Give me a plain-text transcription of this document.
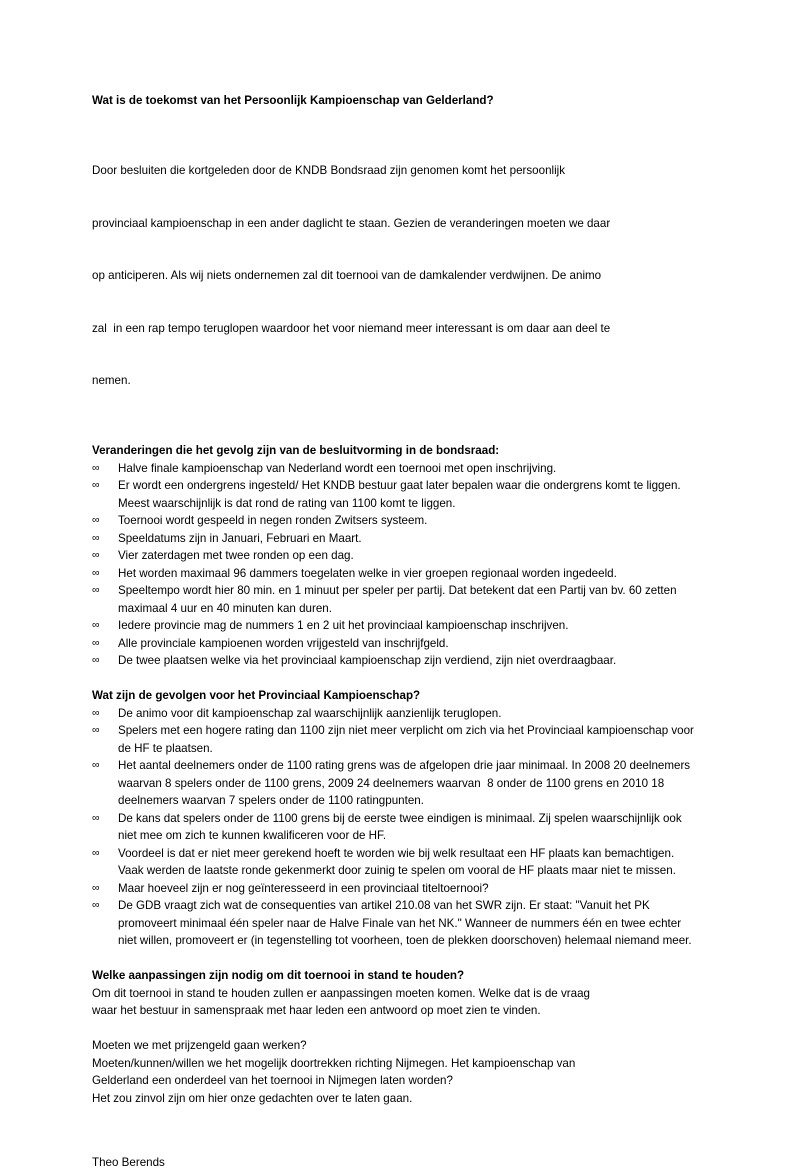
Wat is de toekomst van het Persoonlijk Kampioenschap van Gelderland?

Door besluiten die kortgeleden door de KNDB Bondsraad zijn genomen komt het persoonlijk

provinciaal kampioenschap in een ander daglicht te staan. Gezien de veranderingen moeten we daar

op anticiperen. Als wij niets ondernemen zal dit toernooi van de damkalender verdwijnen. De animo

zal  in een rap tempo teruglopen waardoor het voor niemand meer interessant is om daar aan deel te

nemen.

Veranderingen die het gevolg zijn van de besluitvorming in de bondsraad:
∞	Halve finale kampioenschap van Nederland wordt een toernooi met open inschrijving.
∞	Er wordt een ondergrens ingesteld/ Het KNDB bestuur gaat later bepalen waar die ondergrens komt te liggen. Meest waarschijnlijk is dat rond de rating van 1100 komt te liggen.
∞	Toernooi wordt gespeeld in negen ronden Zwitsers systeem.
∞	Speeldatums zijn in Januari, Februari en Maart.
∞	Vier zaterdagen met twee ronden op een dag.
∞	Het worden maximaal 96 dammers toegelaten welke in vier groepen regionaal worden ingedeeld.
∞	Speeltempo wordt hier 80 min. en 1 minuut per speler per partij. Dat betekent dat een Partij van bv. 60 zetten maximaal 4 uur en 40 minuten kan duren.
∞	Iedere provincie mag de nummers 1 en 2 uit het provinciaal kampioenschap inschrijven.
∞	Alle provinciale kampioenen worden vrijgesteld van inschrijfgeld.
∞	De twee plaatsen welke via het provinciaal kampioenschap zijn verdiend, zijn niet overdraagbaar.

Wat zijn de gevolgen voor het Provinciaal Kampioenschap?
∞	De animo voor dit kampioenschap zal waarschijnlijk aanzienlijk teruglopen.
∞	Spelers met een hogere rating dan 1100 zijn niet meer verplicht om zich via het Provinciaal kampioenschap voor de HF te plaatsen.
∞	Het aantal deelnemers onder de 1100 rating grens was de afgelopen drie jaar minimaal. In 2008 20 deelnemers waarvan 8 spelers onder de 1100 grens, 2009 24 deelnemers waarvan  8 onder de 1100 grens en 2010 18 deelnemers waarvan 7 spelers onder de 1100 ratingpunten.
∞	De kans dat spelers onder de 1100 grens bij de eerste twee eindigen is minimaal. Zij spelen waarschijnlijk ook niet mee om zich te kunnen kwalificeren voor de HF.
∞	Voordeel is dat er niet meer gerekend hoeft te worden wie bij welk resultaat een HF plaats kan bemachtigen. Vaak werden de laatste ronde gekenmerkt door zuinig te spelen om vooral de HF plaats maar niet te missen.
∞	Maar hoeveel zijn er nog geïnteresseerd in een provinciaal titeltoernooi?
∞	De GDB vraagt zich wat de consequenties van artikel 210.08 van het SWR zijn. Er staat: "Vanuit het PK promoveert minimaal één speler naar de Halve Finale van het NK." Wanneer de nummers één en twee echter niet willen, promoveert er (in tegenstelling tot voorheen, toen de plekken doorschoven) helemaal niemand meer.

Welke aanpassingen zijn nodig om dit toernooi in stand te houden?

Om dit toernooi in stand te houden zullen er aanpassingen moeten komen. Welke dat is de vraag
waar het bestuur in samenspraak met haar leden een antwoord op moet zien te vinden.

Moeten we met prijzengeld gaan werken?
Moeten/kunnen/willen we het mogelijk doortrekken richting Nijmegen. Het kampioenschap van
Gelderland een onderdeel van het toernooi in Nijmegen laten worden?
Het zou zinvol zijn om hier onze gedachten over te laten gaan.

Theo Berends
